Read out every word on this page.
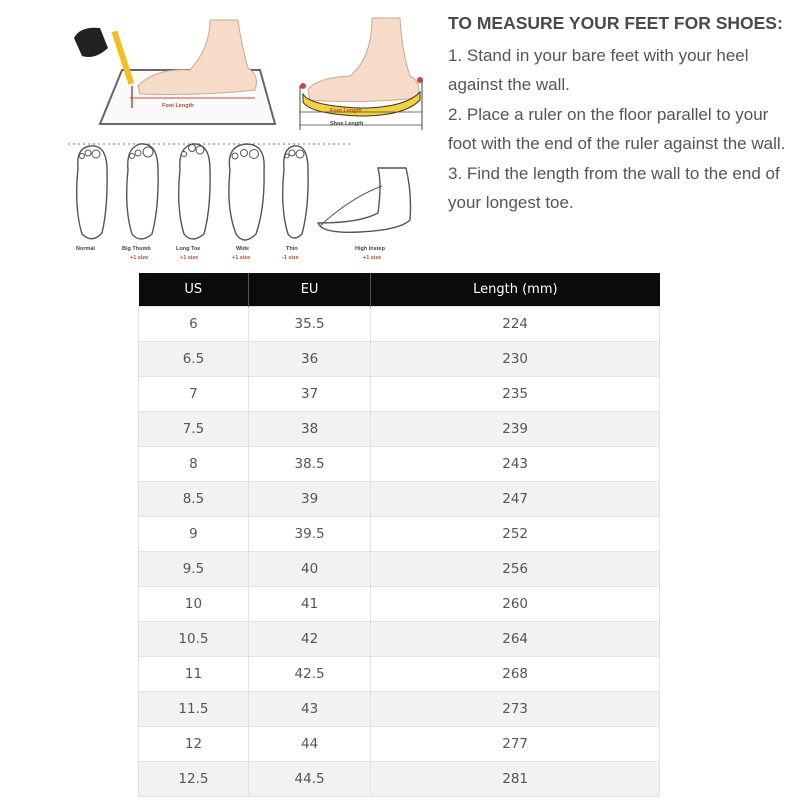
Foot Length
Foot Length
Shoe Length
Normal	Big Thumb
+1 size
Long Toe
+1 size
Wide
+1 size
Thin
-1 size
High Instep
+1 size

TO MEASURE YOUR FEET FOR SHOES:

1. Stand in your bare feet with your heel against the wall.

2. Place a ruler on the floor parallel to your foot with the end of the ruler against the wall.

3. Find the length from the wall to the end of your longest toe.

US	EU	Length (mm)
6	35.5	224
6.5	36	230
7	37	235
7.5	38	239
8	38.5	243
8.5	39	247
9	39.5	252
9.5	40	256
10	41	260
10.5	42	264
11	42.5	268
11.5	43	273
12	44	277
12.5	44.5	281
